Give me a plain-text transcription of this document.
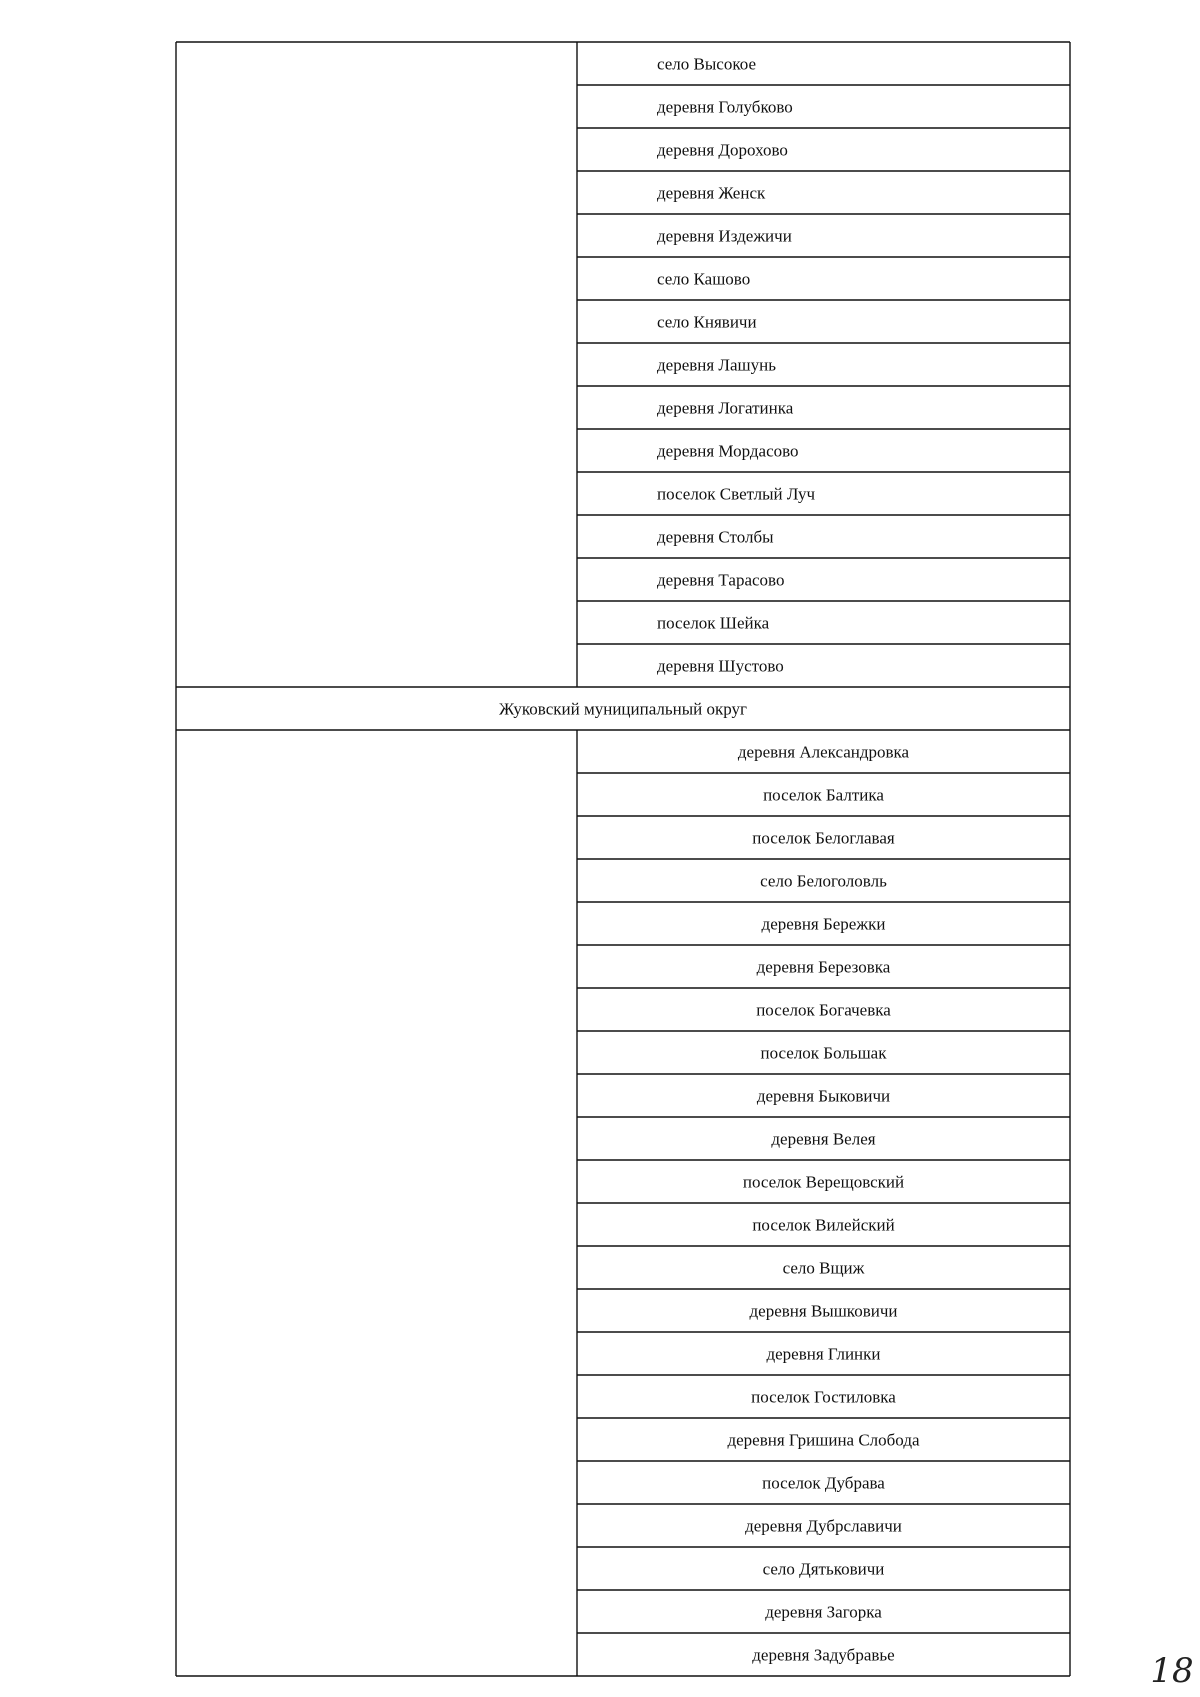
село Высокое
деревня Голубково
деревня Дорохово
деревня Женск
деревня Издежичи
село Кашово
село Княвичи
деревня Лашунь
деревня Логатинка
деревня Мордасово
поселок Светлый Луч
деревня Столбы
деревня Тарасово
поселок Шейка
деревня Шустово
Жуковский муниципальный округ
деревня Александровка
поселок Балтика
поселок Белоглавая
село Белоголовль
деревня Бережки
деревня Березовка
поселок Богачевка
поселок Большак
деревня Быковичи
деревня Велея
поселок Верещовский
поселок Вилейский
село Вщиж
деревня Вышковичи
деревня Глинки
поселок Гостиловка
деревня Гришина Слобода
поселок Дубрава
деревня Дубрславичи
село Дятьковичи
деревня Загорка
деревня Задубравье	18
